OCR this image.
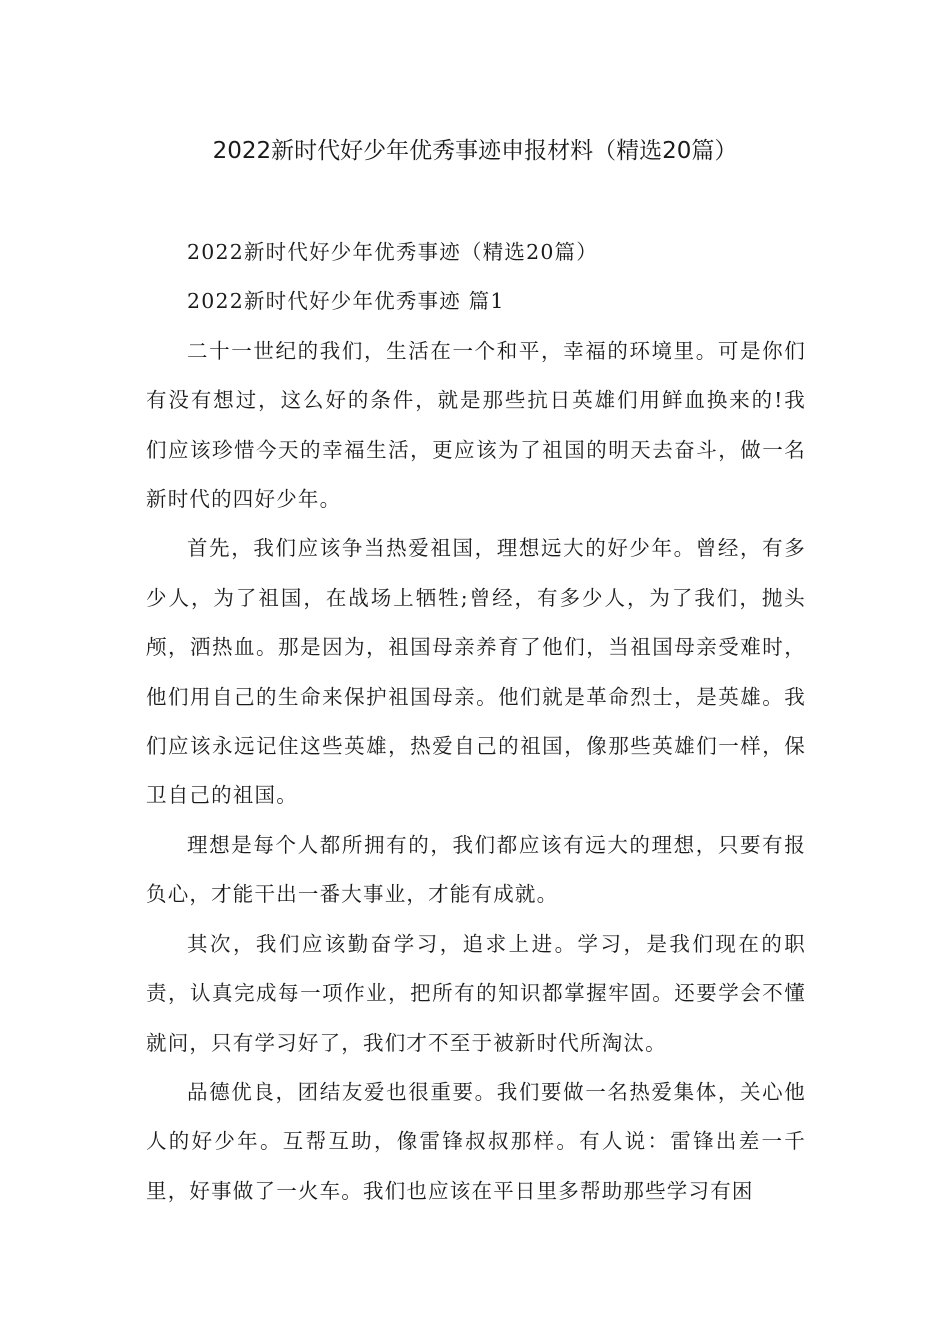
2022新时代好少年优秀事迹申报材料（精选20篇）

2022新时代好少年优秀事迹（精选20篇）

2022新时代好少年优秀事迹 篇1

二十一世纪的我们，生活在一个和平，幸福的环境里。可是你们有没有想过，这么好的条件，就是那些抗日英雄们用鲜血换来的!我们应该珍惜今天的幸福生活，更应该为了祖国的明天去奋斗，做一名新时代的四好少年。

首先，我们应该争当热爱祖国，理想远大的好少年。曾经，有多少人，为了祖国，在战场上牺牲;曾经，有多少人，为了我们，抛头颅，洒热血。那是因为，祖国母亲养育了他们，当祖国母亲受难时，他们用自己的生命来保护祖国母亲。他们就是革命烈士，是英雄。我们应该永远记住这些英雄，热爱自己的祖国，像那些英雄们一样，保卫自己的祖国。

理想是每个人都所拥有的，我们都应该有远大的理想，只要有报负心，才能干出一番大事业，才能有成就。

其次，我们应该勤奋学习，追求上进。学习，是我们现在的职责，认真完成每一项作业，把所有的知识都掌握牢固。还要学会不懂就问，只有学习好了，我们才不至于被新时代所淘汰。

品德优良，团结友爱也很重要。我们要做一名热爱集体，关心他人的好少年。互帮互助，像雷锋叔叔那样。有人说：雷锋出差一千里，好事做了一火车。我们也应该在平日里多帮助那些学习有困
